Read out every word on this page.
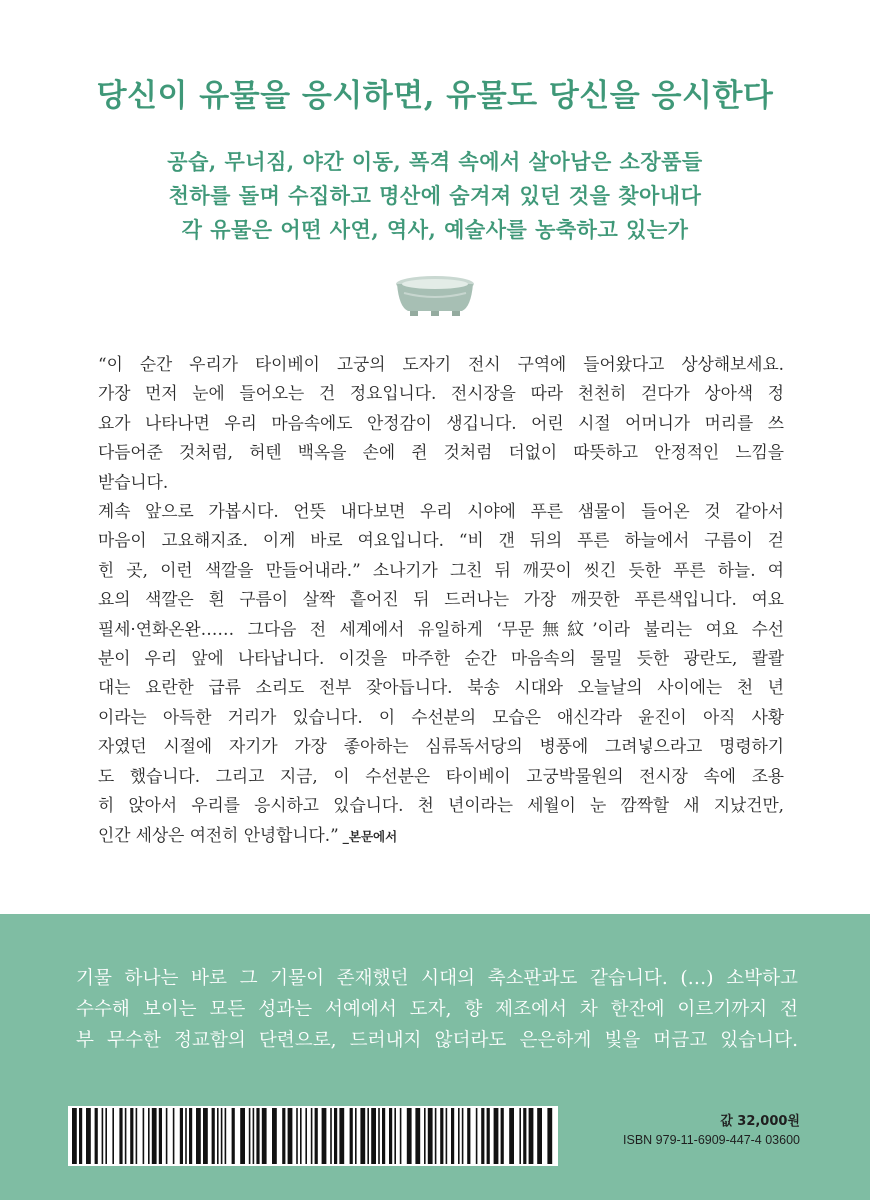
당신이 유물을 응시하면, 유물도 당신을 응시한다
공습, 무너짐, 야간 이동, 폭격 속에서 살아남은 소장품들
천하를 돌며 수집하고 명산에 숨겨져 있던 것을 찾아내다
각 유물은 어떤 사연, 역사, 예술사를 농축하고 있는가

“이 순간 우리가 타이베이 고궁의 도자기 전시 구역에 들어왔다고 상상해보세요.

가장 먼저 눈에 들어오는 건 정요입니다. 전시장을 따라 천천히 걷다가 상아색 정

요가 나타나면 우리 마음속에도 안정감이 생깁니다. 어린 시절 어머니가 머리를 쓰

다듬어준 것처럼, 허텐 백옥을 손에 쥔 것처럼 더없이 따뜻하고 안정적인 느낌을

받습니다.

계속 앞으로 가봅시다. 언뜻 내다보면 우리 시야에 푸른 샘물이 들어온 것 같아서

마음이 고요해지죠. 이게 바로 여요입니다. “비 갠 뒤의 푸른 하늘에서 구름이 걷

힌 곳, 이런 색깔을 만들어내라.” 소나기가 그친 뒤 깨끗이 씻긴 듯한 푸른 하늘. 여

요의 색깔은 흰 구름이 살짝 흩어진 뒤 드러나는 가장 깨끗한 푸른색입니다. 여요

필세·연화온완…… 그다음 전 세계에서 유일하게 ‘무문無紋’이라 불리는 여요 수선

분이 우리 앞에 나타납니다. 이것을 마주한 순간 마음속의 물밀 듯한 광란도, 콸콸

대는 요란한 급류 소리도 전부 잦아듭니다. 북송 시대와 오늘날의 사이에는 천 년

이라는 아득한 거리가 있습니다. 이 수선분의 모습은 애신각라 윤진이 아직 사황

자였던 시절에 자기가 가장 좋아하는 심류독서당의 병풍에 그려넣으라고 명령하기

도 했습니다. 그리고 지금, 이 수선분은 타이베이 고궁박물원의 전시장 속에 조용

히 앉아서 우리를 응시하고 있습니다. 천 년이라는 세월이 눈 깜짝할 새 지났건만,

인간 세상은 여전히 안녕합니다.” _본문에서

기물 하나는 바로 그 기물이 존재했던 시대의 축소판과도 같습니다. (…) 소박하고

수수해 보이는 모든 성과는 서예에서 도자, 향 제조에서 차 한잔에 이르기까지 전

부 무수한 정교함의 단련으로, 드러내지 않더라도 은은하게 빛을 머금고 있습니다.

값 32,000원
ISBN 979-11-6909-447-4 03600
